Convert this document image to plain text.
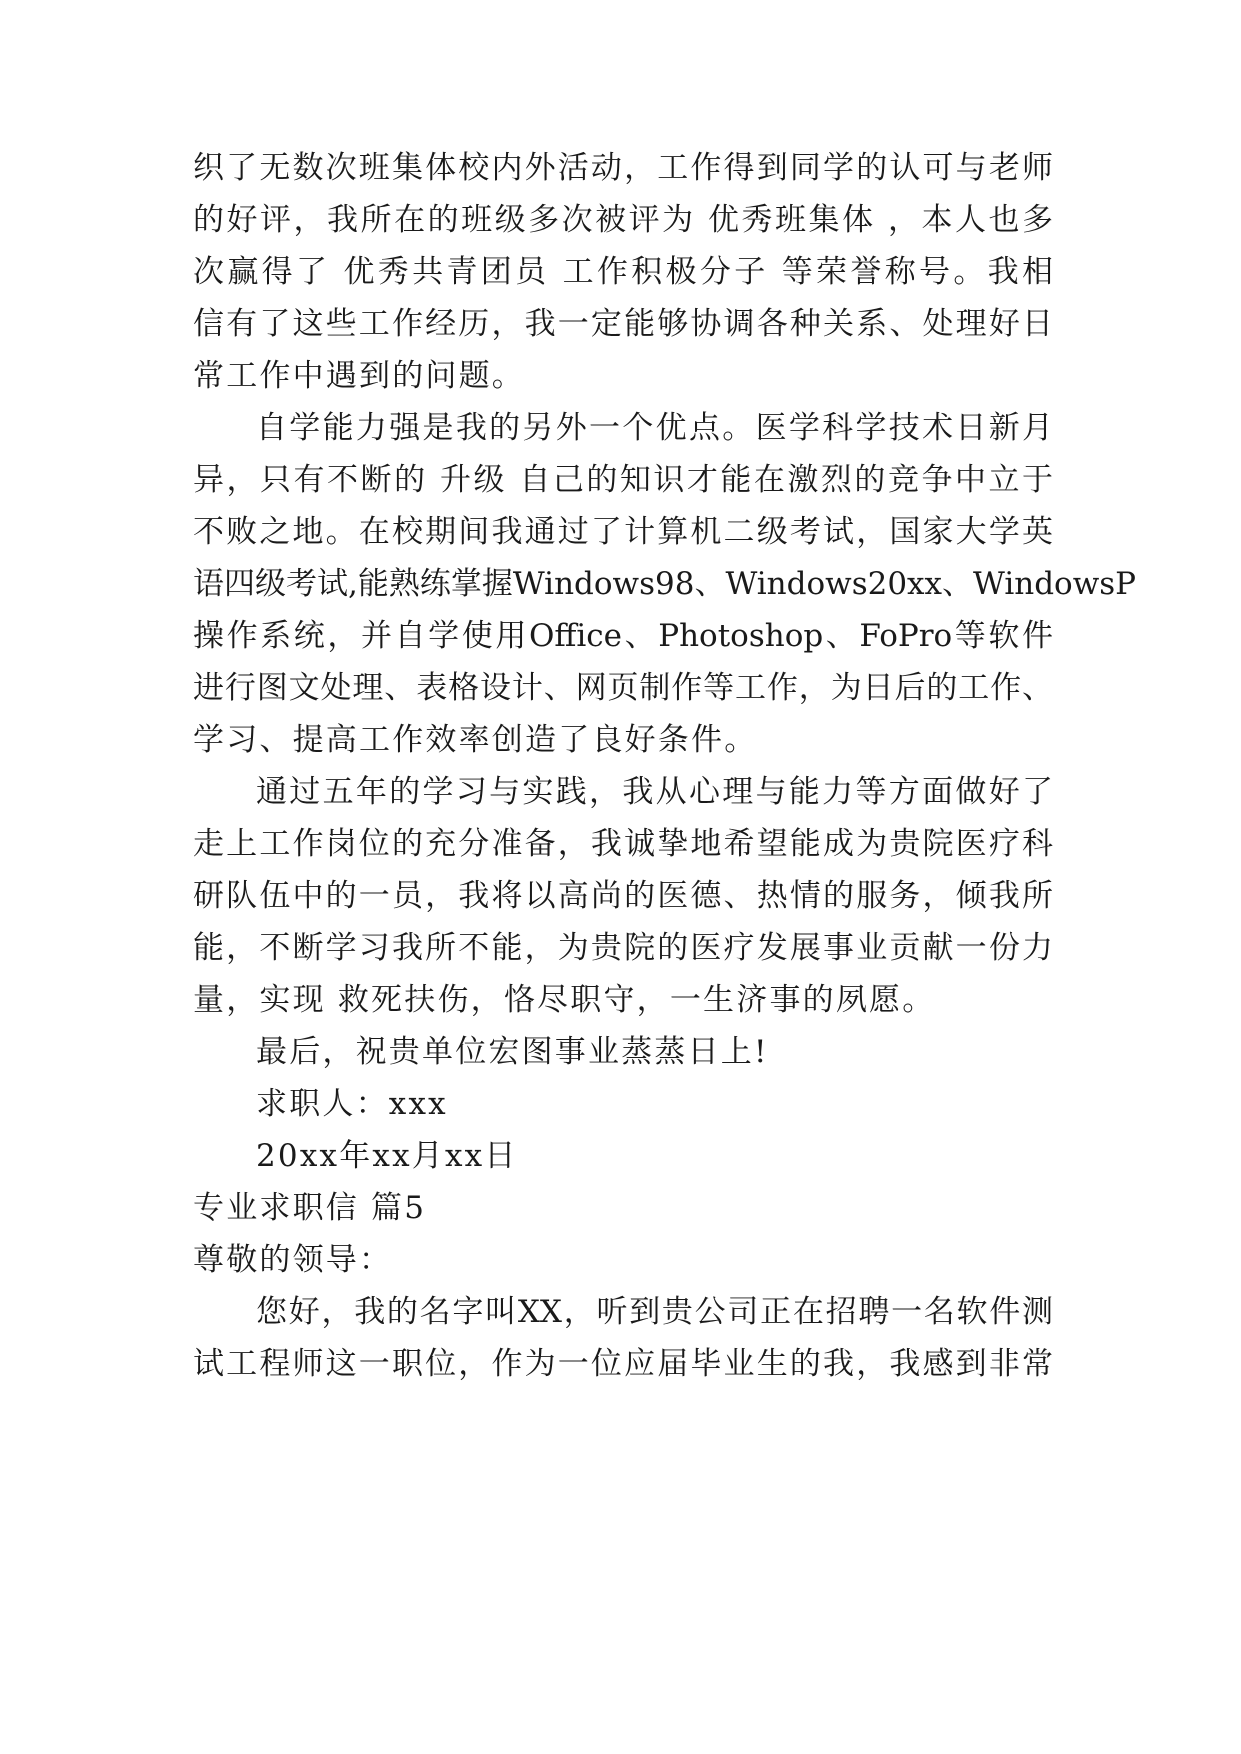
织了无数次班集体校内外活动，工作得到同学的认可与老师
的好评，我所在的班级多次被评为 优秀班集体 ，本人也多
次赢得了 优秀共青团员 工作积极分子 等荣誉称号。我相
信有了这些工作经历，我一定能够协调各种关系、处理好日
常工作中遇到的问题。
自学能力强是我的另外一个优点。医学科学技术日新月
异，只有不断的 升级 自己的知识才能在激烈的竞争中立于
不败之地。在校期间我通过了计算机二级考试，国家大学英
语四级考试,能熟练掌握Windows98、Windows20xx、WindowsP
操作系统，并自学使用Office、Photoshop、FoPro等软件
进行图文处理、表格设计、网页制作等工作，为日后的工作、
学习、提高工作效率创造了良好条件。
通过五年的学习与实践，我从心理与能力等方面做好了
走上工作岗位的充分准备，我诚挚地希望能成为贵院医疗科
研队伍中的一员，我将以高尚的医德、热情的服务，倾我所
能，不断学习我所不能，为贵院的医疗发展事业贡献一份力
量，实现 救死扶伤，恪尽职守，一生济事的夙愿。
最后，祝贵单位宏图事业蒸蒸日上!
求职人：xxx
20xx年xx月xx日
专业求职信 篇5
尊敬的领导：
您好，我的名字叫XX，听到贵公司正在招聘一名软件测
试工程师这一职位，作为一位应届毕业生的我，我感到非常
